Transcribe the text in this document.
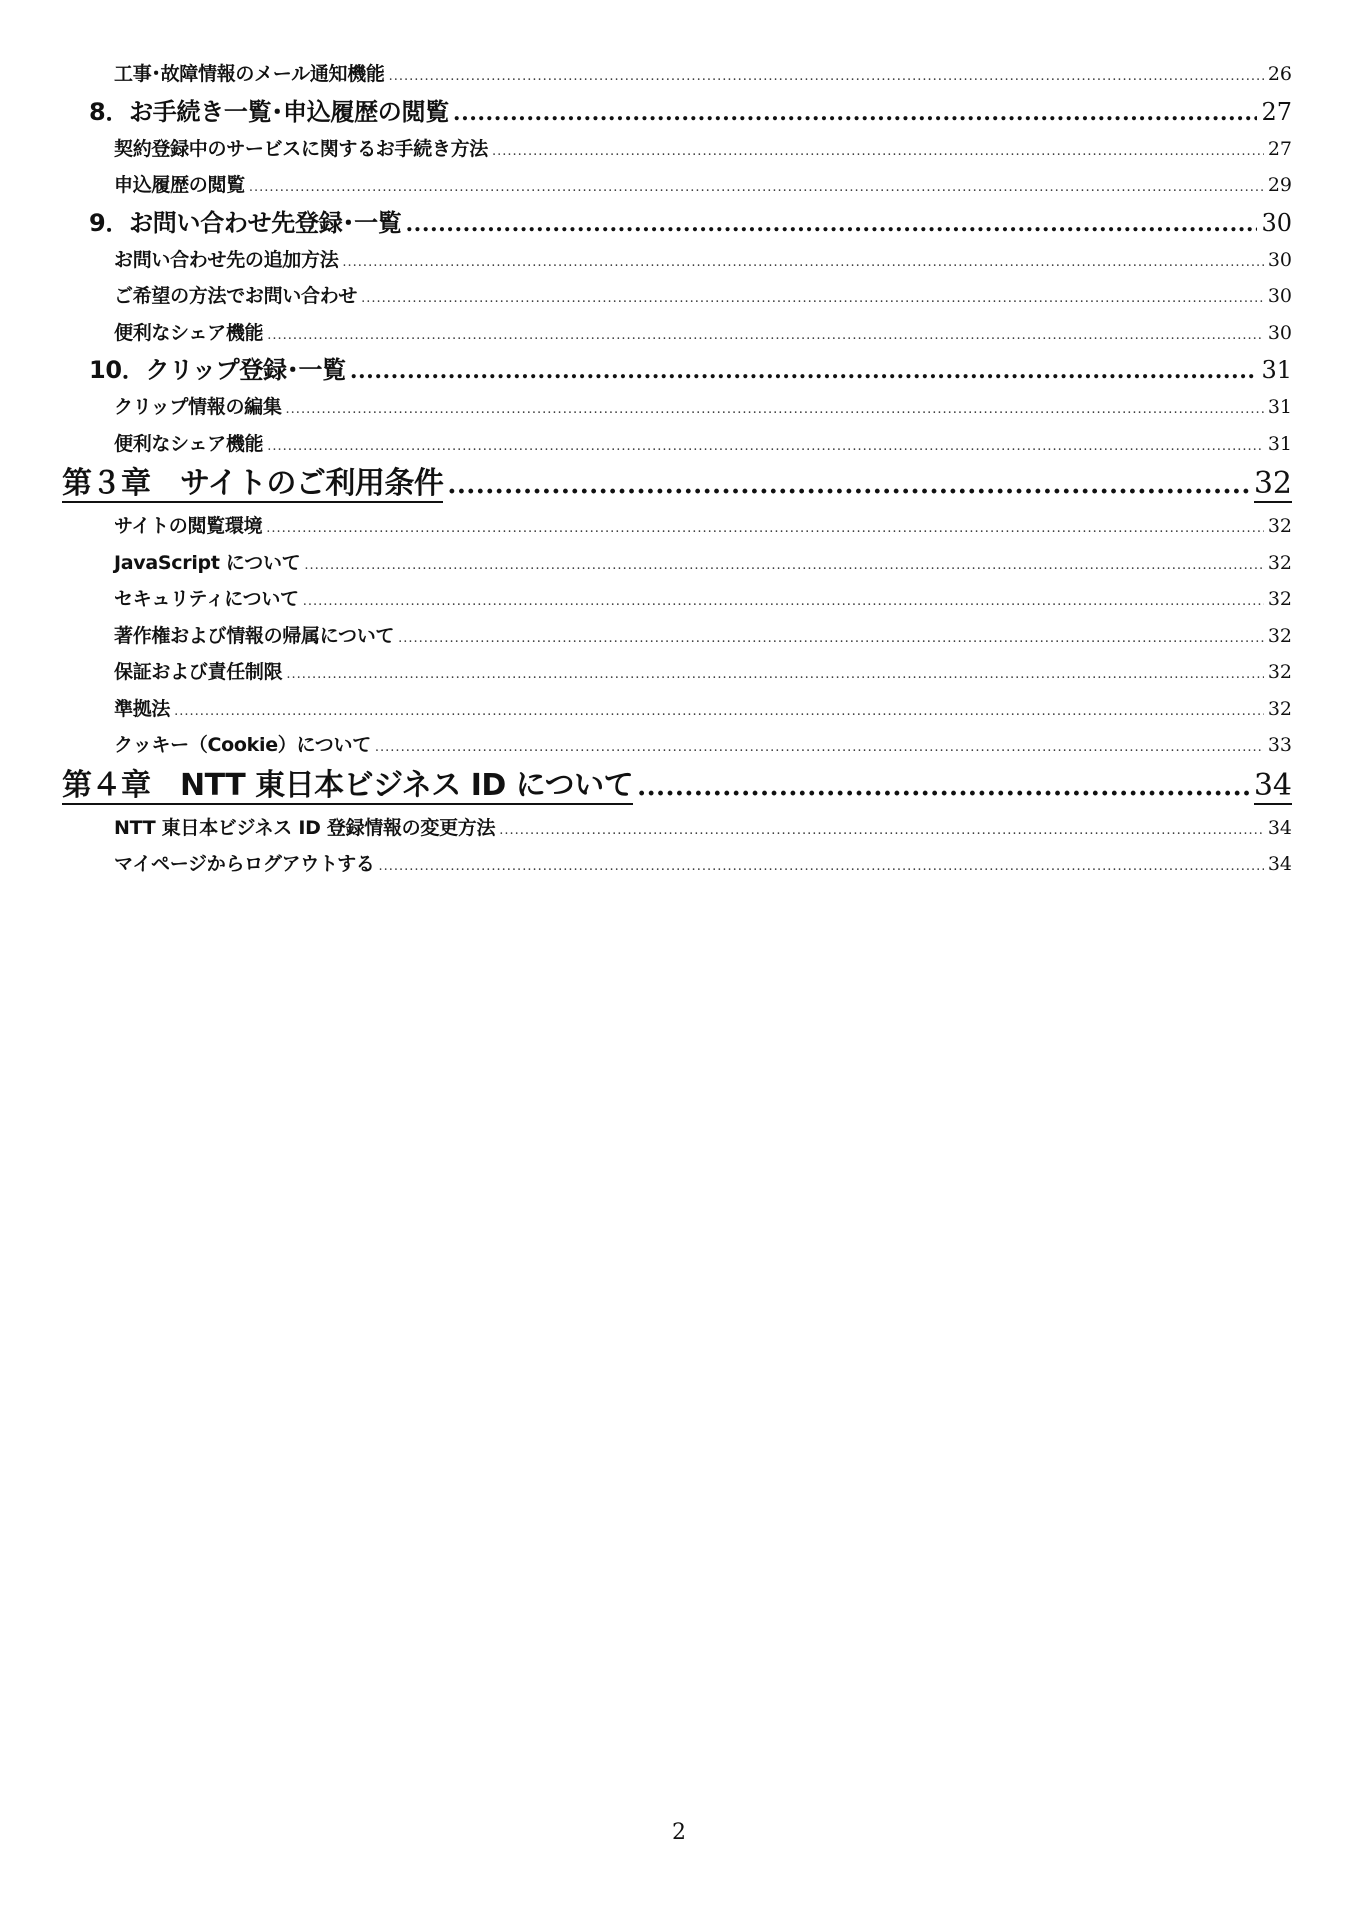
工事･故障情報のメール通知機能 .....	26
8．お手続き一覧･申込履歴の閲覧 .....	27
契約登録中のサービスに関するお手続き方法 .....	27
申込履歴の閲覧 .....	29
9．お問い合わせ先登録･一覧 .....	30
お問い合わせ先の追加方法 .....	30
ご希望の方法でお問い合わせ .....	30
便利なシェア機能 .....	30
10．クリップ登録･一覧 .....	31
クリップ情報の編集 .....	31
便利なシェア機能 .....	31
第３章　サイトのご利用条件 .....	32
サイトの閲覧環境 .....	32
JavaScript について .....	32
セキュリティについて .....	32
著作権および情報の帰属について .....	32
保証および責任制限 .....	32
準拠法 .....	32
クッキー（Cookie）について .....	33
第４章　NTT 東日本ビジネス ID について .....	34
NTT 東日本ビジネス ID 登録情報の変更方法 .....	34
マイページからログアウトする .....	34
2
